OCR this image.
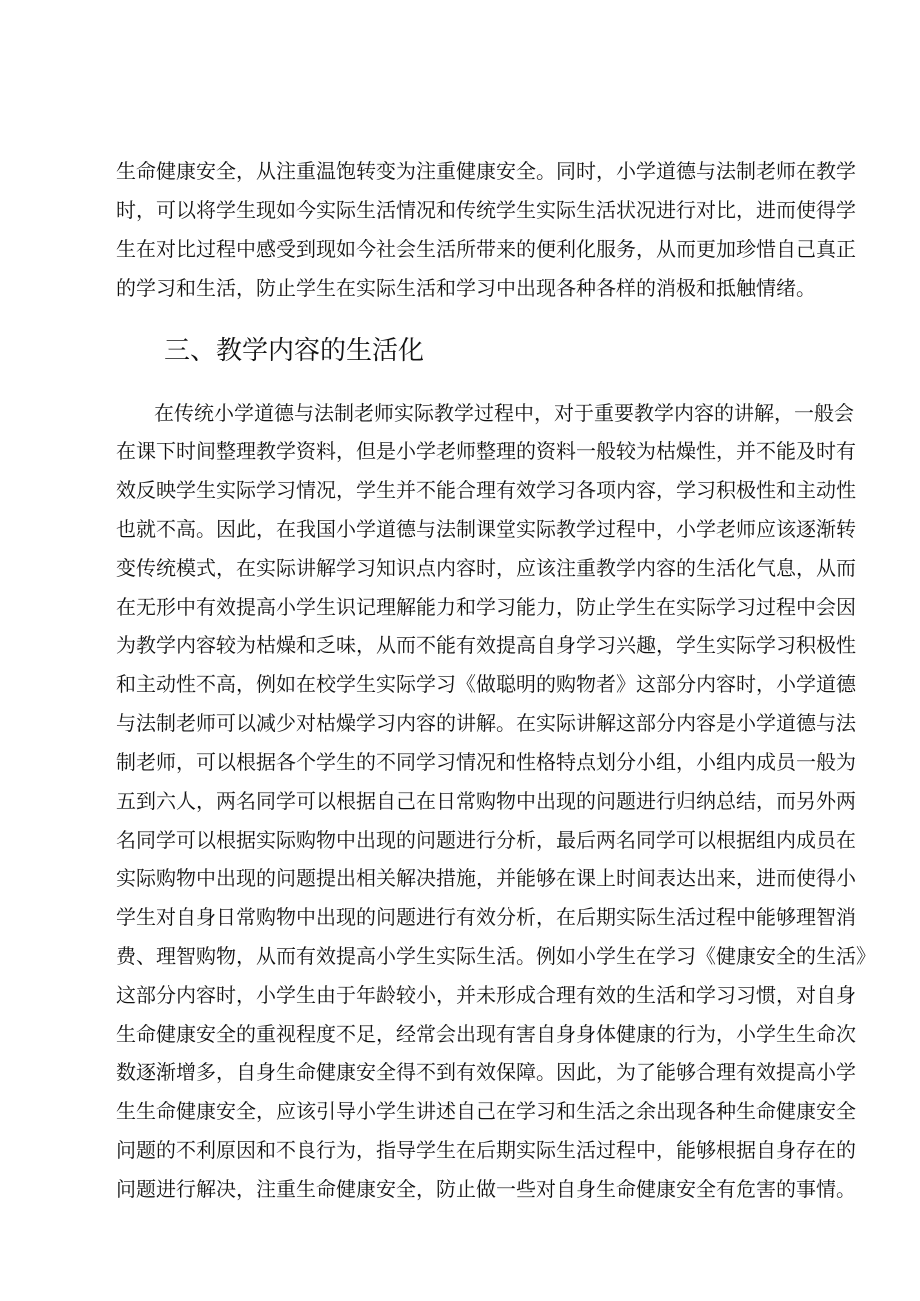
生命健康安全，从注重温饱转变为注重健康安全。同时，小学道德与法制老师在教学
时，可以将学生现如今实际生活情况和传统学生实际生活状况进行对比，进而使得学
生在对比过程中感受到现如今社会生活所带来的便利化服务，从而更加珍惜自己真正
的学习和生活，防止学生在实际生活和学习中出现各种各样的消极和抵触情绪。
三、教学内容的生活化
在传统小学道德与法制老师实际教学过程中，对于重要教学内容的讲解，一般会
在课下时间整理教学资料，但是小学老师整理的资料一般较为枯燥性，并不能及时有
效反映学生实际学习情况，学生并不能合理有效学习各项内容，学习积极性和主动性
也就不高。因此，在我国小学道德与法制课堂实际教学过程中，小学老师应该逐渐转
变传统模式，在实际讲解学习知识点内容时，应该注重教学内容的生活化气息，从而
在无形中有效提高小学生识记理解能力和学习能力，防止学生在实际学习过程中会因
为教学内容较为枯燥和乏味，从而不能有效提高自身学习兴趣，学生实际学习积极性
和主动性不高，例如在校学生实际学习《做聪明的购物者》这部分内容时，小学道德
与法制老师可以减少对枯燥学习内容的讲解。在实际讲解这部分内容是小学道德与法
制老师，可以根据各个学生的不同学习情况和性格特点划分小组，小组内成员一般为
五到六人，两名同学可以根据自己在日常购物中出现的问题进行归纳总结，而另外两
名同学可以根据实际购物中出现的问题进行分析，最后两名同学可以根据组内成员在
实际购物中出现的问题提出相关解决措施，并能够在课上时间表达出来，进而使得小
学生对自身日常购物中出现的问题进行有效分析，在后期实际生活过程中能够理智消
费、理智购物，从而有效提高小学生实际生活。例如小学生在学习《健康安全的生活》
这部分内容时，小学生由于年龄较小，并未形成合理有效的生活和学习习惯，对自身
生命健康安全的重视程度不足，经常会出现有害自身身体健康的行为，小学生生命次
数逐渐增多，自身生命健康安全得不到有效保障。因此，为了能够合理有效提高小学
生生命健康安全，应该引导小学生讲述自己在学习和生活之余出现各种生命健康安全
问题的不利原因和不良行为，指导学生在后期实际生活过程中，能够根据自身存在的
问题进行解决，注重生命健康安全，防止做一些对自身生命健康安全有危害的事情。
